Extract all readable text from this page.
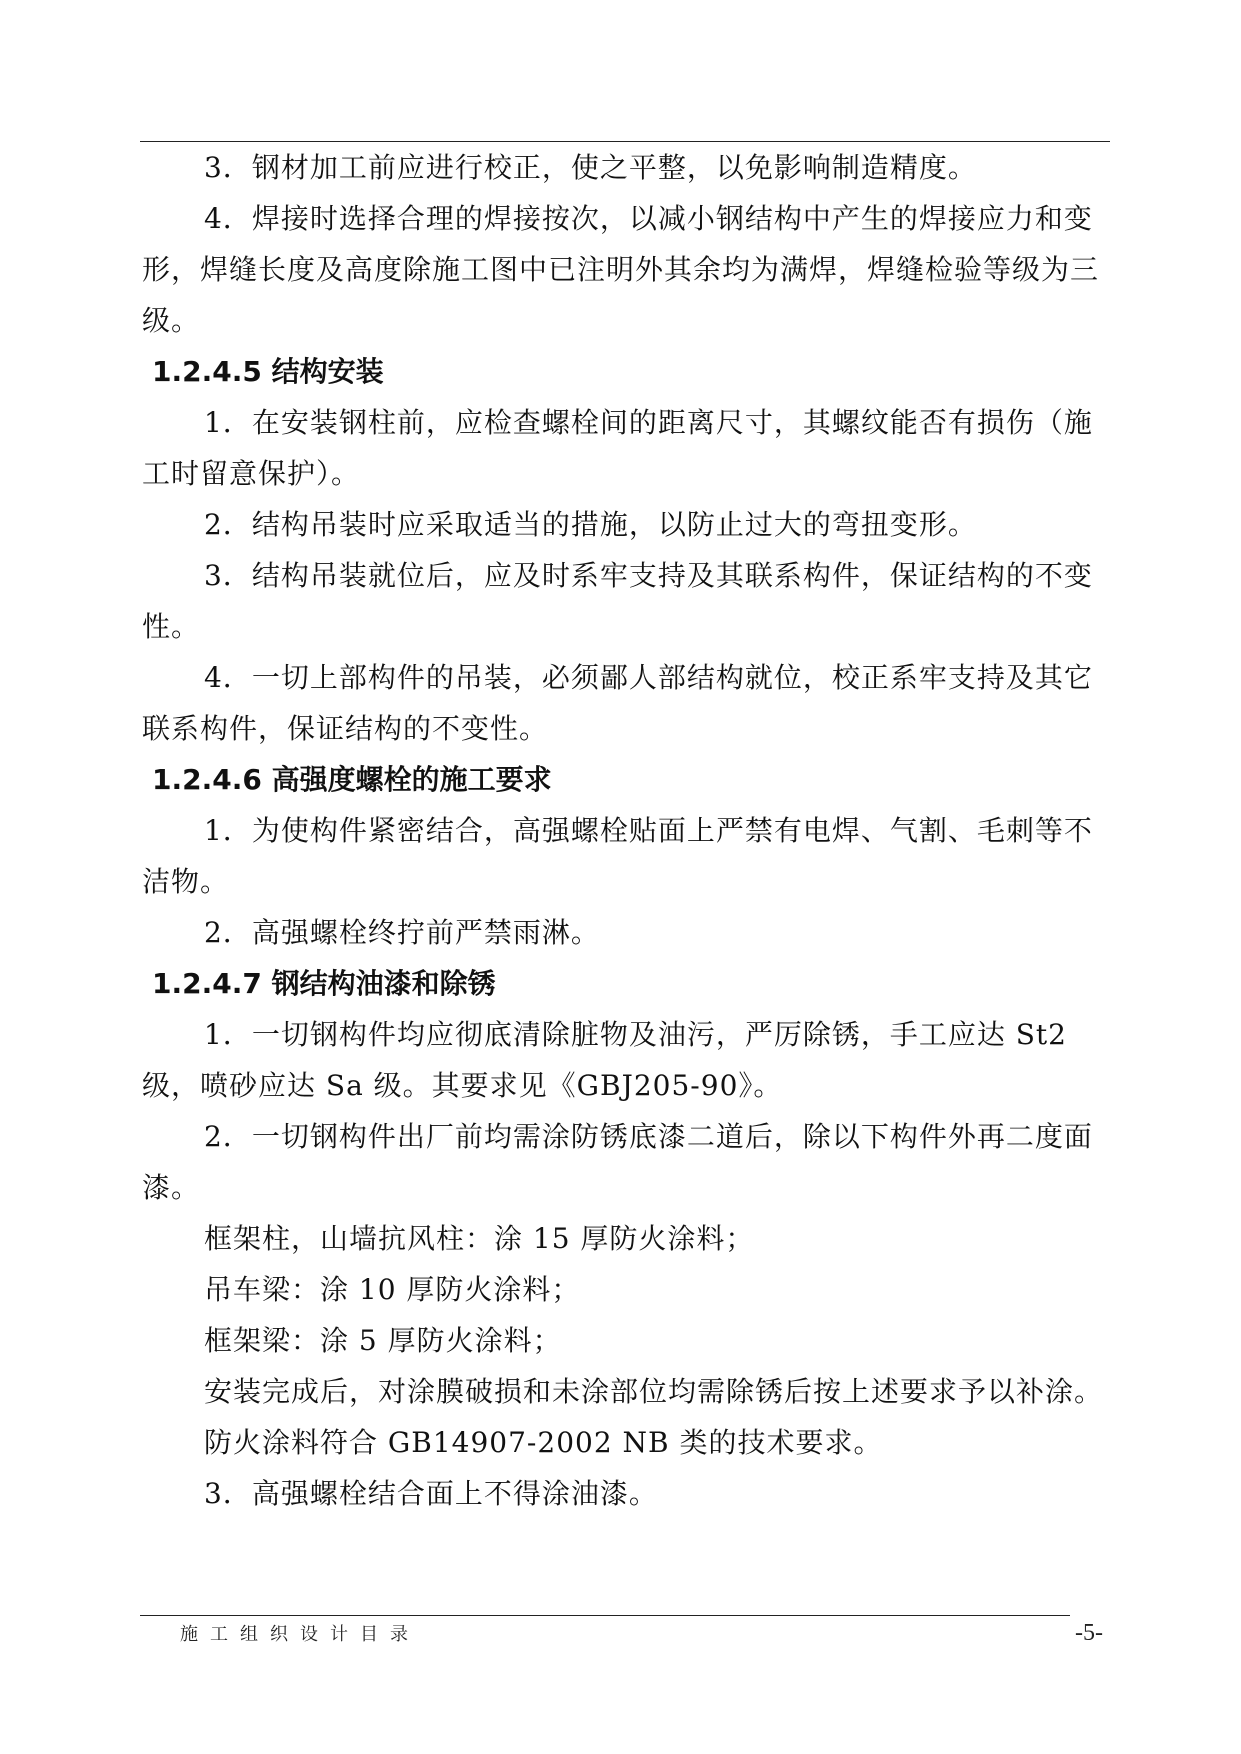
3．钢材加工前应进行校正，使之平整，以免影响制造精度。

4．焊接时选择合理的焊接按次，以减小钢结构中产生的焊接应力和变形，焊缝长度及高度除施工图中已注明外其余均为满焊，焊缝检验等级为三级。

1.2.4.5 结构安装

1．在安装钢柱前，应检查螺栓间的距离尺寸，其螺纹能否有损伤（施工时留意保护）。

2．结构吊装时应采取适当的措施，以防止过大的弯扭变形。

3．结构吊装就位后，应及时系牢支持及其联系构件，保证结构的不变性。

4．一切上部构件的吊装，必须鄙人部结构就位，校正系牢支持及其它联系构件，保证结构的不变性。

1.2.4.6 高强度螺栓的施工要求

1．为使构件紧密结合，高强螺栓贴面上严禁有电焊、气割、毛刺等不洁物。

2．高强螺栓终拧前严禁雨淋。

1.2.4.7 钢结构油漆和除锈

1．一切钢构件均应彻底清除脏物及油污，严厉除锈，手工应达 St2 级，喷砂应达 Sa 级。其要求见《GBJ205-90》。

2．一切钢构件出厂前均需涂防锈底漆二道后，除以下构件外再二度面漆。

框架柱，山墙抗风柱：涂 15 厚防火涂料；

吊车梁：涂 10 厚防火涂料；

框架梁：涂 5 厚防火涂料；

安装完成后，对涂膜破损和未涂部位均需除锈后按上述要求予以补涂。

防火涂料符合 GB14907-2002 NB 类的技术要求。

3．高强螺栓结合面上不得涂油漆。

施工组织设计目录	-5-
